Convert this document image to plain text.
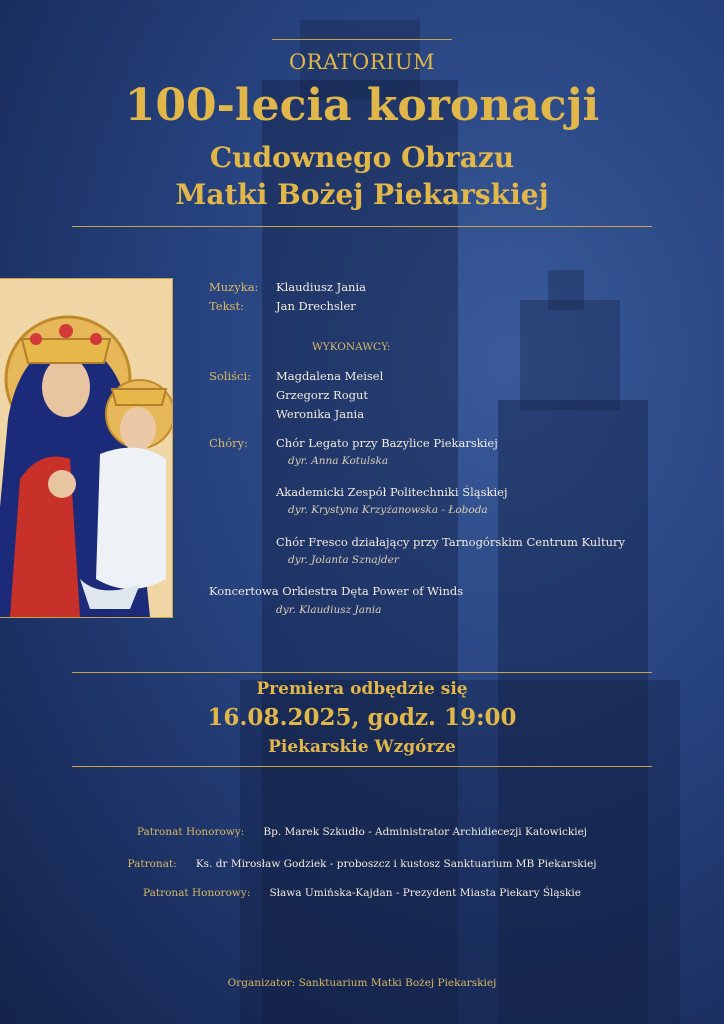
ORATORIUM

100-lecia koronacji

Cudownego Obrazu

Matki Bożej Piekarskiej

Muzyka: Klaudiusz Jania
Tekst:	Jan Drechsler
WYKONAWCY:
Soliści: Magdalena Meisel
Grzegorz Rogut
Weronika Jania
Chóry: Chór Legato przy Bazylice Piekarskiej
dyr. Anna Kotulska
Akademicki Zespół Politechniki Śląskiej
dyr. Krystyna Krzyżanowska - Łoboda
Chór Fresco działający przy Tarnogórskim Centrum Kultury
dyr. Jolanta Sznajder
Koncertowa Orkiestra Dęta Power of Winds
dyr. Klaudiusz Jania

Premiera odbędzie się

16.08.2025, godz. 19:00

Piekarskie Wzgórze

Patronat Honorowy: Bp. Marek Szkudło - Administrator Archidiecezji Katowickiej
Patronat: Ks. dr Mirosław Godziek - proboszcz i kustosz Sanktuarium MB Piekarskiej
Patronat Honorowy: Sława Umińska-Kajdan - Prezydent Miasta Piekary Śląskie

Organizator: Sanktuarium Matki Bożej Piekarskiej
